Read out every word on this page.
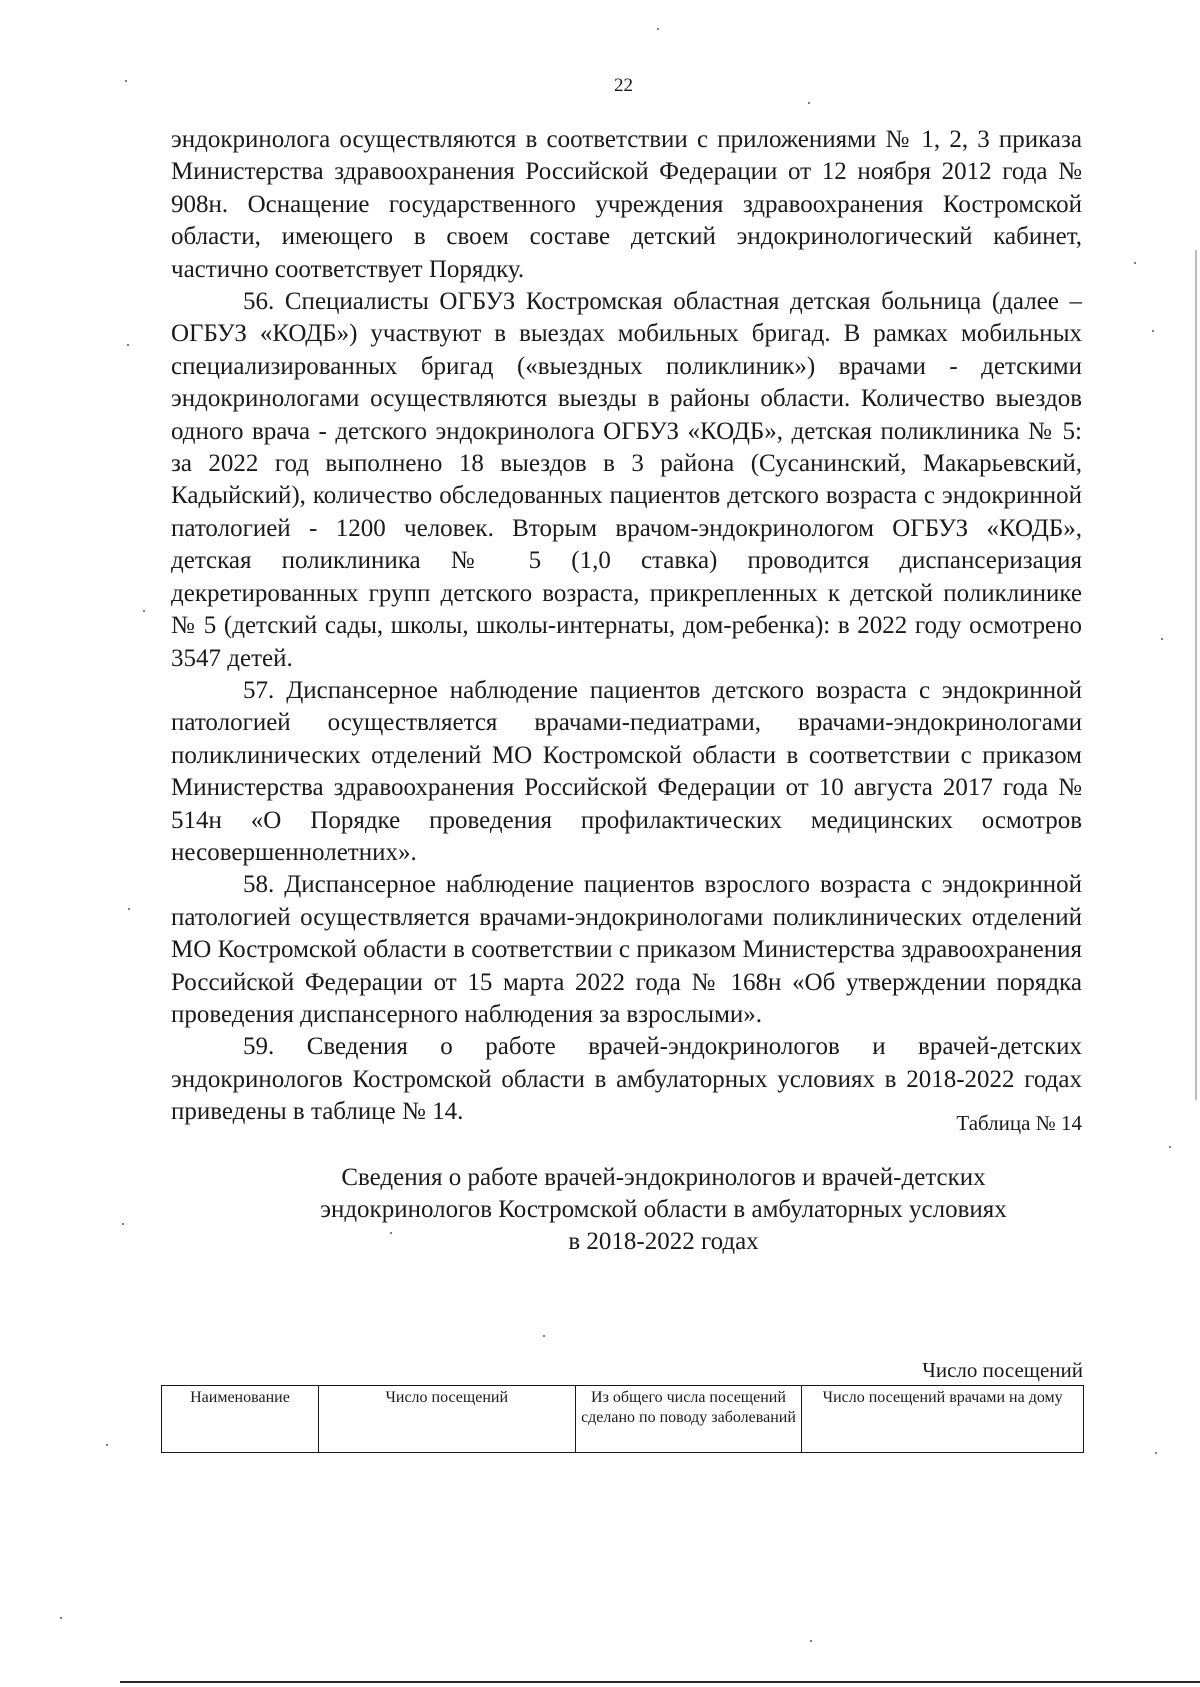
22

эндокринолога осуществляются в соответствии с приложениями № 1, 2, 3 приказа Министерства здравоохранения Российской Федерации от 12 ноября 2012 года № 908н. Оснащение государственного учреждения здравоохранения Костромской области, имеющего в своем составе детский эндокринологический кабинет, частично соответствует Порядку.

56. Специалисты ОГБУЗ Костромская областная детская больница (далее – ОГБУЗ «КОДБ») участвуют в выездах мобильных бригад. В рамках мобильных специализированных бригад («выездных поликлиник») врачами - детскими эндокринологами осуществляются выезды в районы области. Количество выездов одного врача - детского эндокринолога ОГБУЗ «КОДБ», детская поликлиника № 5: за 2022 год выполнено 18 выездов в 3 района (Сусанинский, Макарьевский, Кадыйский), количество обследованных пациентов детского возраста с эндокринной патологией - 1200 человек. Вторым врачом-эндокринологом ОГБУЗ «КОДБ», детская поликлиника № 5 (1,0 ставка) проводится диспансеризация декретированных групп детского возраста, прикрепленных к детской поликлинике № 5 (детский сады, школы, школы-интернаты, дом-ребенка): в 2022 году осмотрено 3547 детей.

57. Диспансерное наблюдение пациентов детского возраста с эндокринной патологией осуществляется врачами-педиатрами, врачами-эндокринологами поликлинических отделений МО Костромской области в соответствии с приказом Министерства здравоохранения Российской Федерации от 10 августа 2017 года № 514н «О Порядке проведения профилактических медицинских осмотров несовершеннолетних».

58. Диспансерное наблюдение пациентов взрослого возраста с эндокринной патологией осуществляется врачами-эндокринологами поликлинических отделений МО Костромской области в соответствии с приказом Министерства здравоохранения Российской Федерации от 15 марта 2022 года № 168н «Об утверждении порядка проведения диспансерного наблюдения за взрослыми».

59. Сведения о работе врачей-эндокринологов и врачей-детских эндокринологов Костромской области в амбулаторных условиях в 2018-2022 годах приведены в таблице № 14.	Таблица № 14
Сведения о работе врачей-эндокринологов и врачей-детских
эндокринологов Костромской области в амбулаторных условиях
в 2018-2022 годах
Число посещений
Наименование	Число посещений	Из общего числа посещений сделано по поводу заболеваний	Число посещений врачами на дому
